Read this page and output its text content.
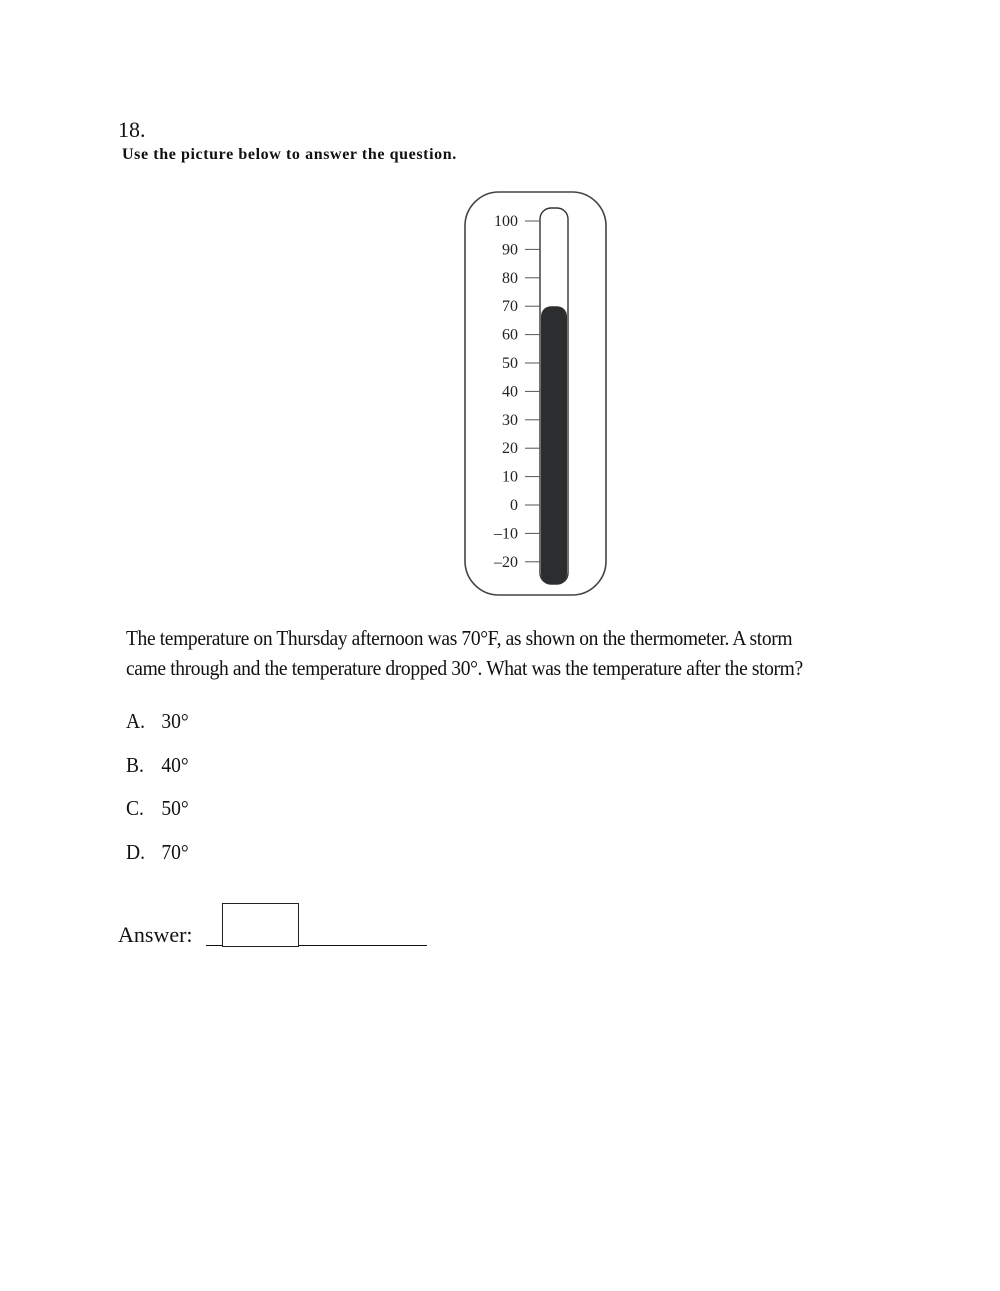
18.
Use the picture below to answer the question.
100
90
80
70
60
50
40
30
20
10
0
–10
–20
The temperature on Thursday afternoon was 70°F, as shown on the thermometer. A storm came through and the temperature dropped 30°. What was the temperature after the storm?
A. 30°
B. 40°
C. 50°
D. 70°
Answer:
